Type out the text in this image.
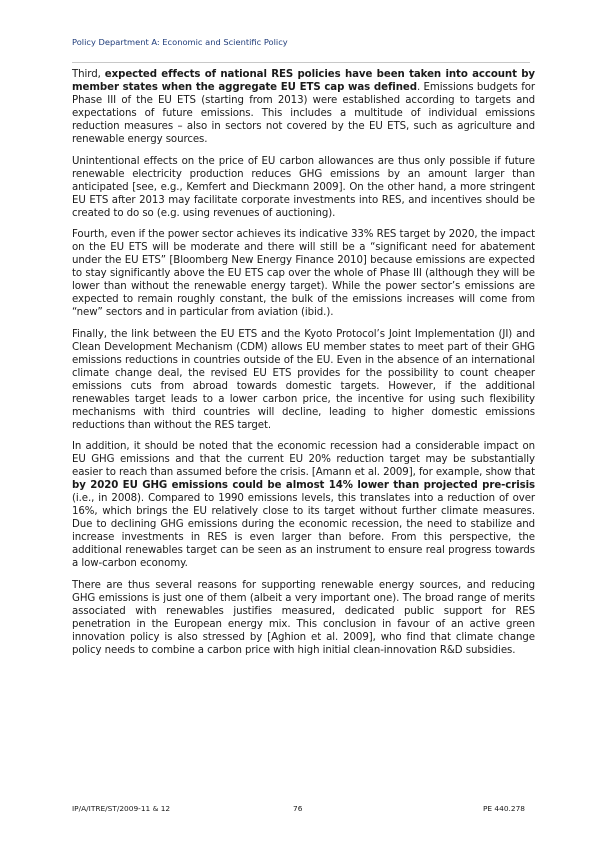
Policy Department A: Economic and Scientific Policy

Third, expected effects of national RES policies have been taken into account by member states when the aggregate EU ETS cap was defined. Emissions budgets for Phase III of the EU ETS (starting from 2013) were established according to targets and expectations of future emissions. This includes a multitude of individual emissions reduction measures – also in sectors not covered by the EU ETS, such as agriculture and renewable energy sources.

Unintentional effects on the price of EU carbon allowances are thus only possible if future renewable electricity production reduces GHG emissions by an amount larger than anticipated [see, e.g., Kemfert and Dieckmann 2009]. On the other hand, a more stringent EU ETS after 2013 may facilitate corporate investments into RES, and incentives should be created to do so (e.g. using revenues of auctioning).

Fourth, even if the power sector achieves its indicative 33% RES target by 2020, the impact on the EU ETS will be moderate and there will still be a “significant need for abatement under the EU ETS” [Bloomberg New Energy Finance 2010] because emissions are expected to stay significantly above the EU ETS cap over the whole of Phase III (although they will be lower than without the renewable energy target). While the power sector’s emissions are expected to remain roughly constant, the bulk of the emissions increases will come from “new” sectors and in particular from aviation (ibid.).

Finally, the link between the EU ETS and the Kyoto Protocol’s Joint Implementation (JI) and Clean Development Mechanism (CDM) allows EU member states to meet part of their GHG emissions reductions in countries outside of the EU. Even in the absence of an international climate change deal, the revised EU ETS provides for the possibility to count cheaper emissions cuts from abroad towards domestic targets. However, if the additional renewables target leads to a lower carbon price, the incentive for using such flexibility mechanisms with third countries will decline, leading to higher domestic emissions reductions than without the RES target.

In addition, it should be noted that the economic recession had a considerable impact on EU GHG emissions and that the current EU 20% reduction target may be substantially easier to reach than assumed before the crisis. [Amann et al. 2009], for example, show that by 2020 EU GHG emissions could be almost 14% lower than projected pre-crisis (i.e., in 2008). Compared to 1990 emissions levels, this translates into a reduction of over 16%, which brings the EU relatively close to its target without further climate measures. Due to declining GHG emissions during the economic recession, the need to stabilize and increase investments in RES is even larger than before. From this perspective, the additional renewables target can be seen as an instrument to ensure real progress towards a low-carbon economy.

There are thus several reasons for supporting renewable energy sources, and reducing GHG emissions is just one of them (albeit a very important one). The broad range of merits associated with renewables justifies measured, dedicated public support for RES penetration in the European energy mix. This conclusion in favour of an active green innovation policy is also stressed by [Aghion et al. 2009], who find that climate change policy needs to combine a carbon price with high initial clean-innovation R&D subsidies.

IP/A/ITRE/ST/2009-11 & 12	76	PE 440.278
